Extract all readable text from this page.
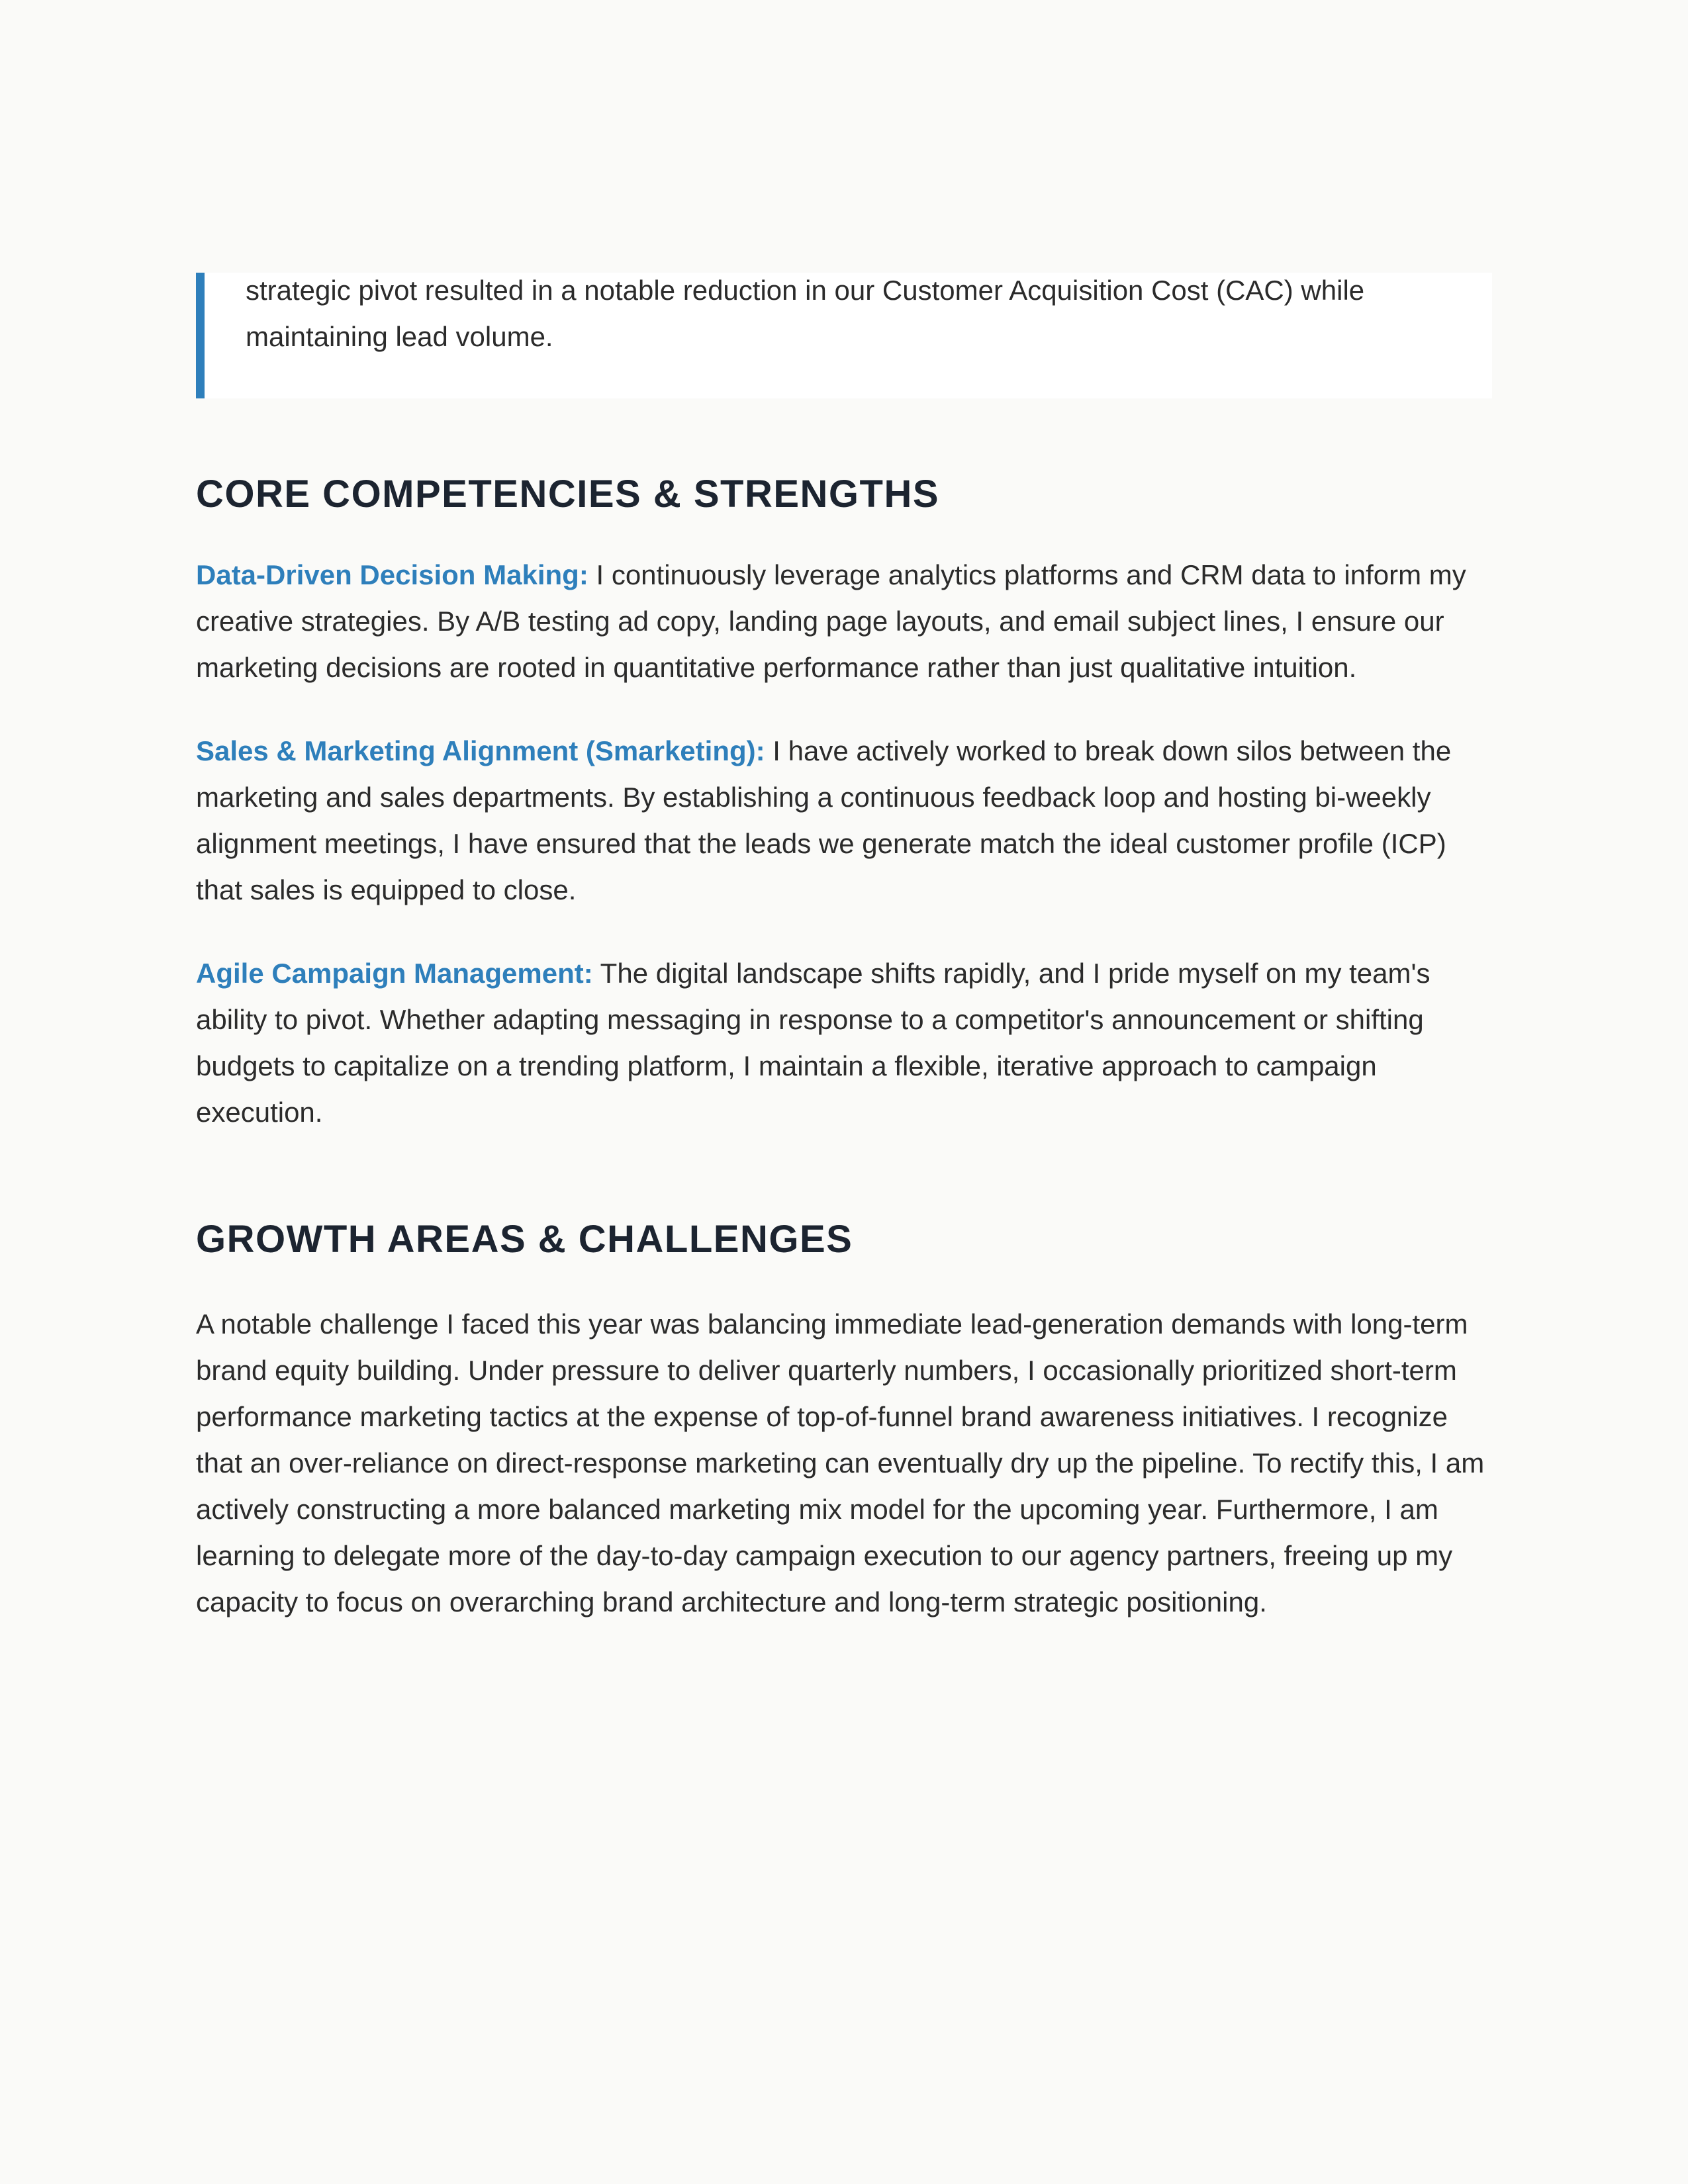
strategic pivot resulted in a notable reduction in our Customer Acquisition Cost (CAC) while maintaining lead volume.

CORE COMPETENCIES & STRENGTHS

Data-Driven Decision Making: I continuously leverage analytics platforms and CRM data to inform my creative strategies. By A/B testing ad copy, landing page layouts, and email subject lines, I ensure our marketing decisions are rooted in quantitative performance rather than just qualitative intuition.

Sales & Marketing Alignment (Smarketing): I have actively worked to break down silos between the marketing and sales departments. By establishing a continuous feedback loop and hosting bi-weekly alignment meetings, I have ensured that the leads we generate match the ideal customer profile (ICP) that sales is equipped to close.

Agile Campaign Management: The digital landscape shifts rapidly, and I pride myself on my team's ability to pivot. Whether adapting messaging in response to a competitor's announcement or shifting budgets to capitalize on a trending platform, I maintain a flexible, iterative approach to campaign execution.

GROWTH AREAS & CHALLENGES

A notable challenge I faced this year was balancing immediate lead-generation demands with long-term brand equity building. Under pressure to deliver quarterly numbers, I occasionally prioritized short-term performance marketing tactics at the expense of top-of-funnel brand awareness initiatives. I recognize that an over-reliance on direct-response marketing can eventually dry up the pipeline. To rectify this, I am actively constructing a more balanced marketing mix model for the upcoming year. Furthermore, I am learning to delegate more of the day-to-day campaign execution to our agency partners, freeing up my capacity to focus on overarching brand architecture and long-term strategic positioning.
